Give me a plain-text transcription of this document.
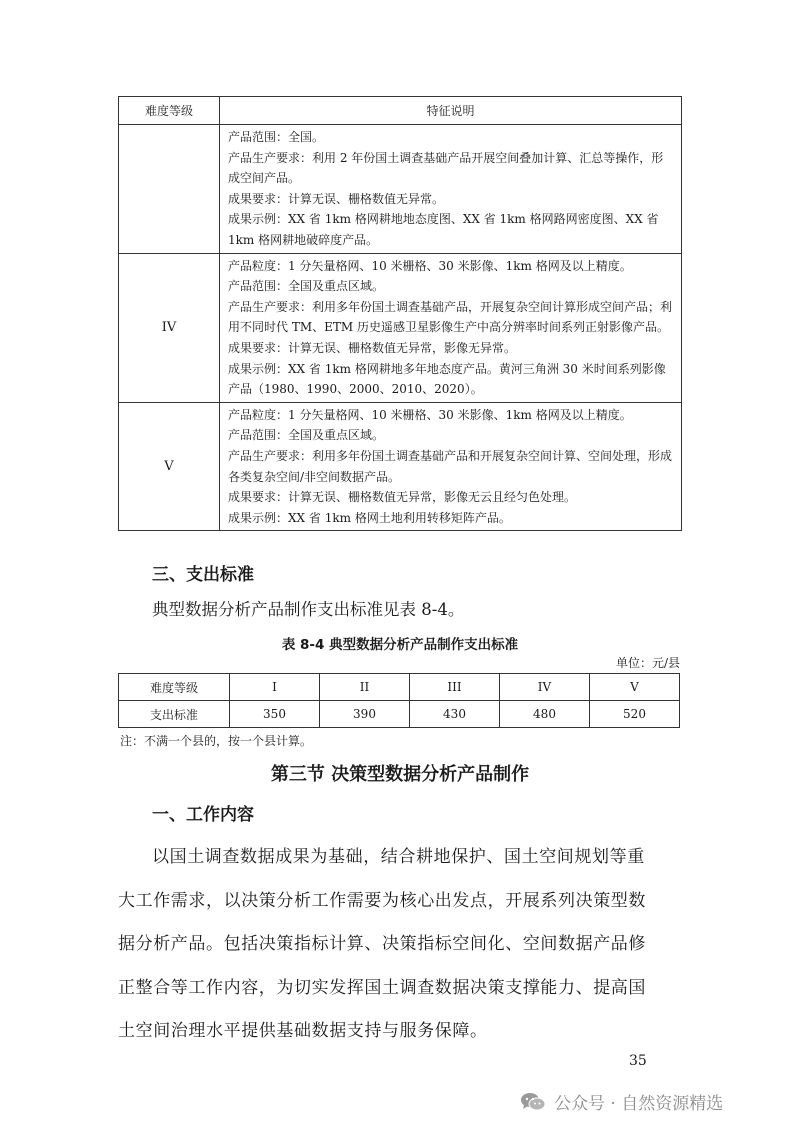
难度等级	特征说明

	产品范围：全国。
产品生产要求：利用 2 年份国土调查基础产品开展空间叠加计算、汇总等操作，形成空间产品。
成果要求：计算无误、栅格数值无异常。
成果示例：XX 省 1km 格网耕地地态度图、XX 省 1km 格网路网密度图、XX 省 1km 格网耕地破碎度产品。

IV	产品粒度：1 分矢量格网、10 米栅格、30 米影像、1km 格网及以上精度。
产品范围：全国及重点区域。
产品生产要求：利用多年份国土调查基础产品，开展复杂空间计算形成空间产品；利用不同时代 TM、ETM 历史遥感卫星影像生产中高分辨率时间系列正射影像产品。
成果要求：计算无误、栅格数值无异常，影像无异常。
成果示例：XX 省 1km 格网耕地多年地态度产品。黄河三角洲 30 米时间系列影像产品（1980、1990、2000、2010、2020）。

V	产品粒度：1 分矢量格网、10 米栅格、30 米影像、1km 格网及以上精度。
产品范围：全国及重点区域。
产品生产要求：利用多年份国土调查基础产品和开展复杂空间计算、空间处理，形成各类复杂空间/非空间数据产品。
成果要求：计算无误、栅格数值无异常，影像无云且经匀色处理。
成果示例：XX 省 1km 格网土地利用转移矩阵产品。
三、支出标准
典型数据分析产品制作支出标准见表 8-4。
表 8-4 典型数据分析产品制作支出标准
单位：元/县
难度等级	I	II	III	IV	V
支出标准	350	390	430	480	520
注：不满一个县的，按一个县计算。
第三节 决策型数据分析产品制作
一、工作内容
以国土调查数据成果为基础，结合耕地保护、国土空间规划等重
大工作需求，以决策分析工作需要为核心出发点，开展系列决策型数
据分析产品。包括决策指标计算、决策指标空间化、空间数据产品修
正整合等工作内容，为切实发挥国土调查数据决策支撑能力、提高国
土空间治理水平提供基础数据支持与服务保障。
35
公众号 · 自然资源精选
